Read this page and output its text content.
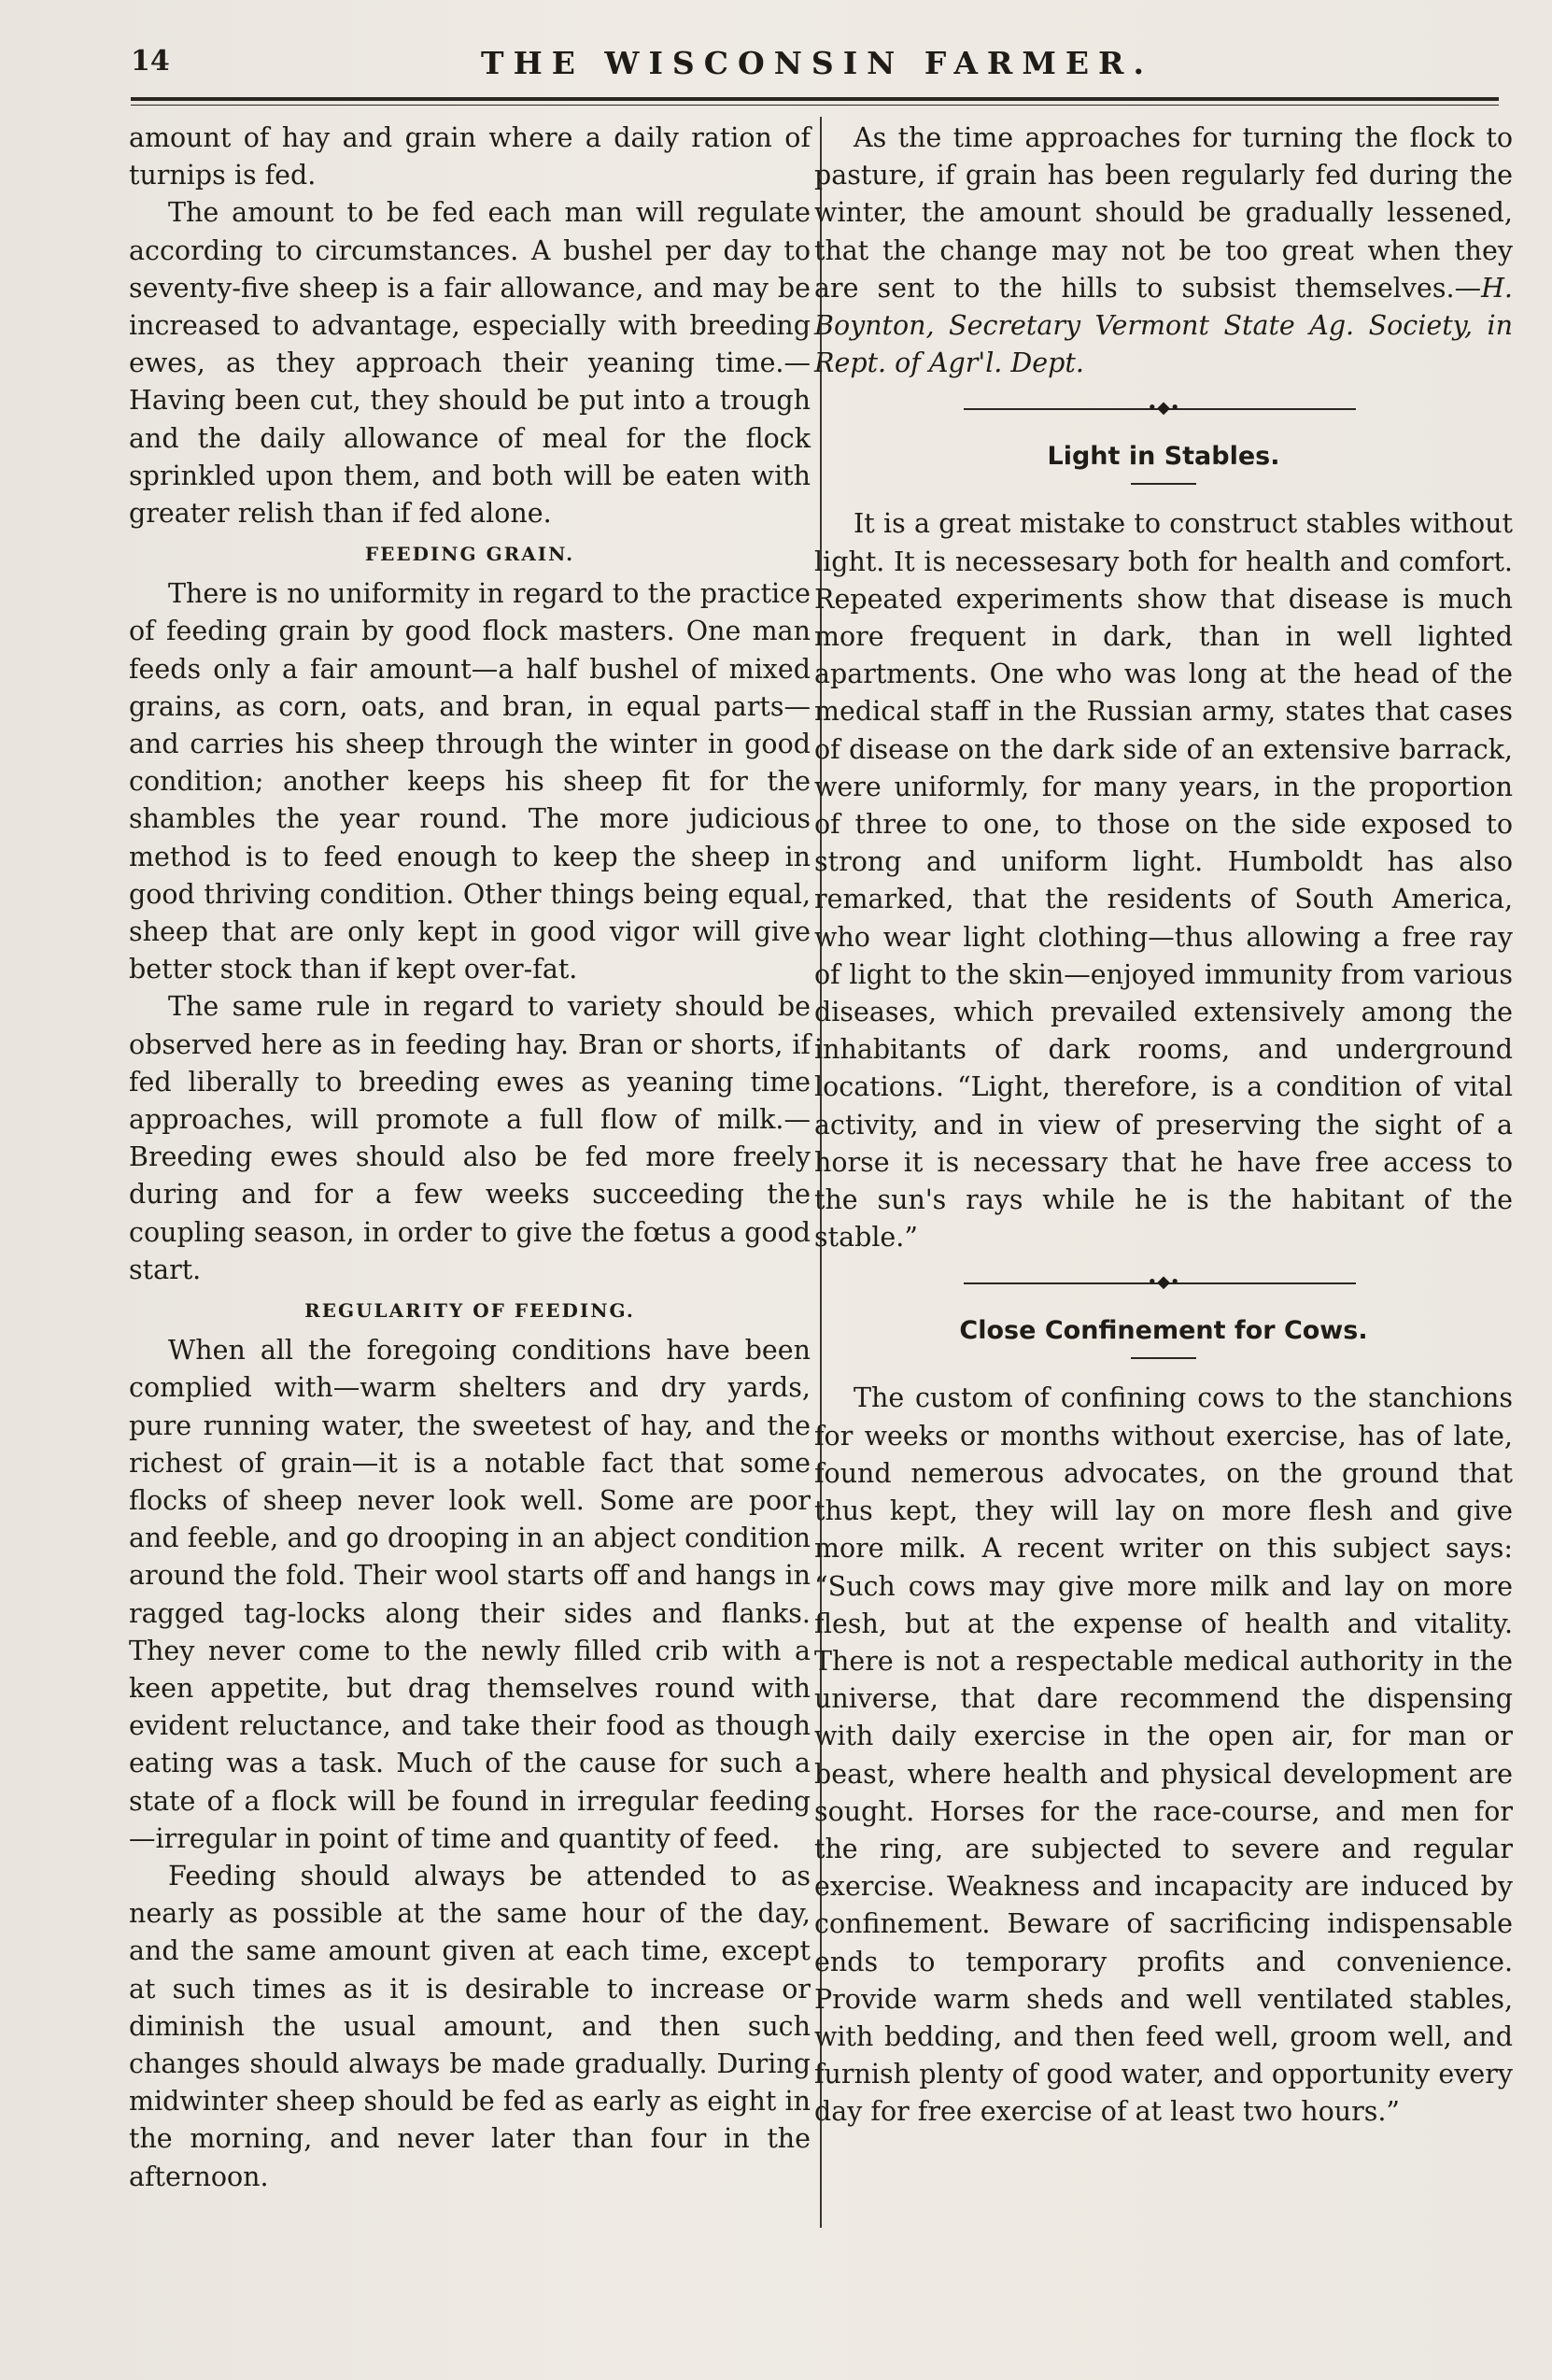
14	THE WISCONSIN FARMER.

amount of hay and grain where a daily ration of turnips is fed.

The amount to be fed each man will regulate according to circumstances. A bushel per day to seventy-five sheep is a fair allowance, and may be increased to advantage, especially with breeding ewes, as they approach their yeaning time.—Having been cut, they should be put into a trough and the daily allowance of meal for the flock sprinkled upon them, and both will be eaten with greater relish than if fed alone.

FEEDING GRAIN.

There is no uniformity in regard to the practice of feeding grain by good flock masters. One man feeds only a fair amount—a half bushel of mixed grains, as corn, oats, and bran, in equal parts—and carries his sheep through the winter in good condition; another keeps his sheep fit for the shambles the year round. The more judicious method is to feed enough to keep the sheep in good thriving condition. Other things being equal, sheep that are only kept in good vigor will give better stock than if kept over-fat.

The same rule in regard to variety should be observed here as in feeding hay. Bran or shorts, if fed liberally to breeding ewes as yeaning time approaches, will promote a full flow of milk.—Breeding ewes should also be fed more freely during and for a few weeks succeeding the coupling season, in order to give the fœtus a good start.

REGULARITY OF FEEDING.

When all the foregoing conditions have been complied with—warm shelters and dry yards, pure running water, the sweetest of hay, and the richest of grain—it is a notable fact that some flocks of sheep never look well. Some are poor and feeble, and go drooping in an abject condition around the fold. Their wool starts off and hangs in ragged tag-locks along their sides and flanks. They never come to the newly filled crib with a keen appetite, but drag themselves round with evident reluctance, and take their food as though eating was a task. Much of the cause for such a state of a flock will be found in irregular feeding—irregular in point of time and quantity of feed.

Feeding should always be attended to as nearly as possible at the same hour of the day, and the same amount given at each time, except at such times as it is desirable to increase or diminish the usual amount, and then such changes should always be made gradually. During midwinter sheep should be fed as early as eight in the morning, and never later than four in the afternoon.

As the time approaches for turning the flock to pasture, if grain has been regularly fed during the winter, the amount should be gradually lessened, that the change may not be too great when they are sent to the hills to subsist themselves.—H. Boynton, Secretary Vermont State Ag. Society, in Rept. of Agr'l. Dept.

•◆•
Light in Stables.

It is a great mistake to construct stables without light. It is necessesary both for health and comfort. Repeated experiments show that disease is much more frequent in dark, than in well lighted apartments. One who was long at the head of the medical staff in the Russian army, states that cases of disease on the dark side of an extensive barrack, were uniformly, for many years, in the proportion of three to one, to those on the side exposed to strong and uniform light. Humboldt has also remarked, that the residents of South America, who wear light clothing—thus allowing a free ray of light to the skin—enjoyed immunity from various diseases, which prevailed extensively among the inhabitants of dark rooms, and underground locations. “Light, therefore, is a condition of vital activity, and in view of preserving the sight of a horse it is necessary that he have free access to the sun's rays while he is the habitant of the stable.”

•◆•
Close Confinement for Cows.

The custom of confining cows to the stanchions for weeks or months without exercise, has of late, found nemerous advocates, on the ground that thus kept, they will lay on more flesh and give more milk. A recent writer on this subject says: “Such cows may give more milk and lay on more flesh, but at the expense of health and vitality. There is not a respectable medical authority in the universe, that dare recommend the dispensing with daily exercise in the open air, for man or beast, where health and physical development are sought. Horses for the race-course, and men for the ring, are subjected to severe and regular exercise. Weakness and incapacity are induced by confinement. Beware of sacrificing indispensable ends to temporary profits and convenience. Provide warm sheds and well ventilated stables, with bedding, and then feed well, groom well, and furnish plenty of good water, and opportunity every day for free exercise of at least two hours.”
